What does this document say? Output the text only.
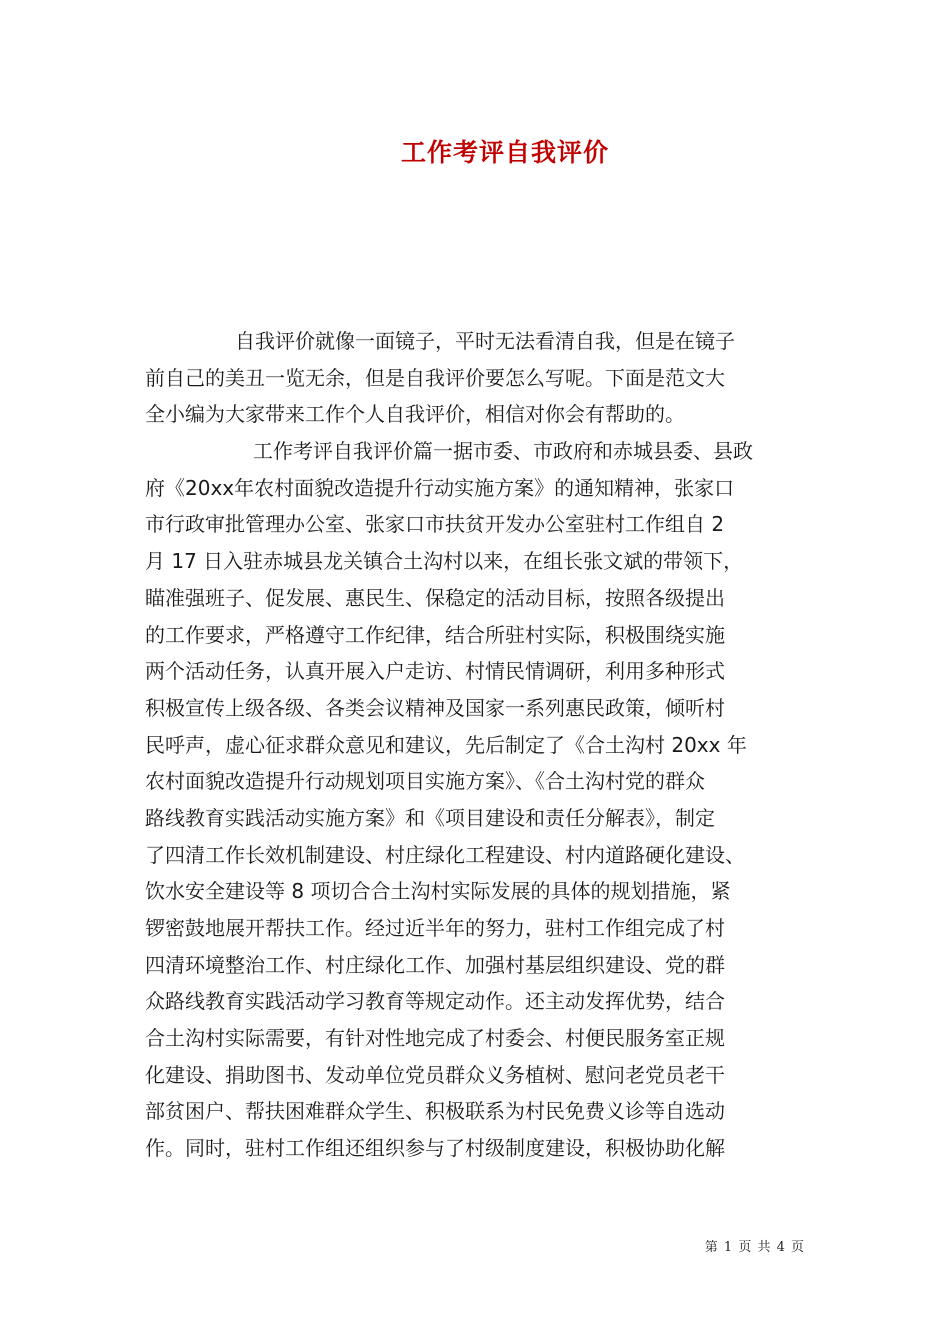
工作考评自我评价
自我评价就像一面镜子，平时无法看清自我，但是在镜子
前自己的美丑一览无余，但是自我评价要怎么写呢。下面是范文大
全小编为大家带来工作个人自我评价，相信对你会有帮助的。
工作考评自我评价篇一据市委、市政府和赤城县委、县政
府《20xx年农村面貌改造提升行动实施方案》的通知精神，张家口
市行政审批管理办公室、张家口市扶贫开发办公室驻村工作组自 2
月 17 日入驻赤城县龙关镇合土沟村以来，在组长张文斌的带领下，
瞄准强班子、促发展、惠民生、保稳定的活动目标，按照各级提出
的工作要求，严格遵守工作纪律，结合所驻村实际，积极围绕实施
两个活动任务，认真开展入户走访、村情民情调研，利用多种形式
积极宣传上级各级、各类会议精神及国家一系列惠民政策，倾听村
民呼声，虚心征求群众意见和建议，先后制定了《合土沟村 20xx 年
农村面貌改造提升行动规划项目实施方案》、《合土沟村党的群众
路线教育实践活动实施方案》和《项目建设和责任分解表》，制定
了四清工作长效机制建设、村庄绿化工程建设、村内道路硬化建设、
饮水安全建设等 8 项切合合土沟村实际发展的具体的规划措施，紧
锣密鼓地展开帮扶工作。经过近半年的努力，驻村工作组完成了村
四清环境整治工作、村庄绿化工作、加强村基层组织建设、党的群
众路线教育实践活动学习教育等规定动作。还主动发挥优势，结合
合土沟村实际需要，有针对性地完成了村委会、村便民服务室正规
化建设、捐助图书、发动单位党员群众义务植树、慰问老党员老干
部贫困户、帮扶困难群众学生、积极联系为村民免费义诊等自选动
作。同时，驻村工作组还组织参与了村级制度建设，积极协助化解
第 1 页 共 4 页
